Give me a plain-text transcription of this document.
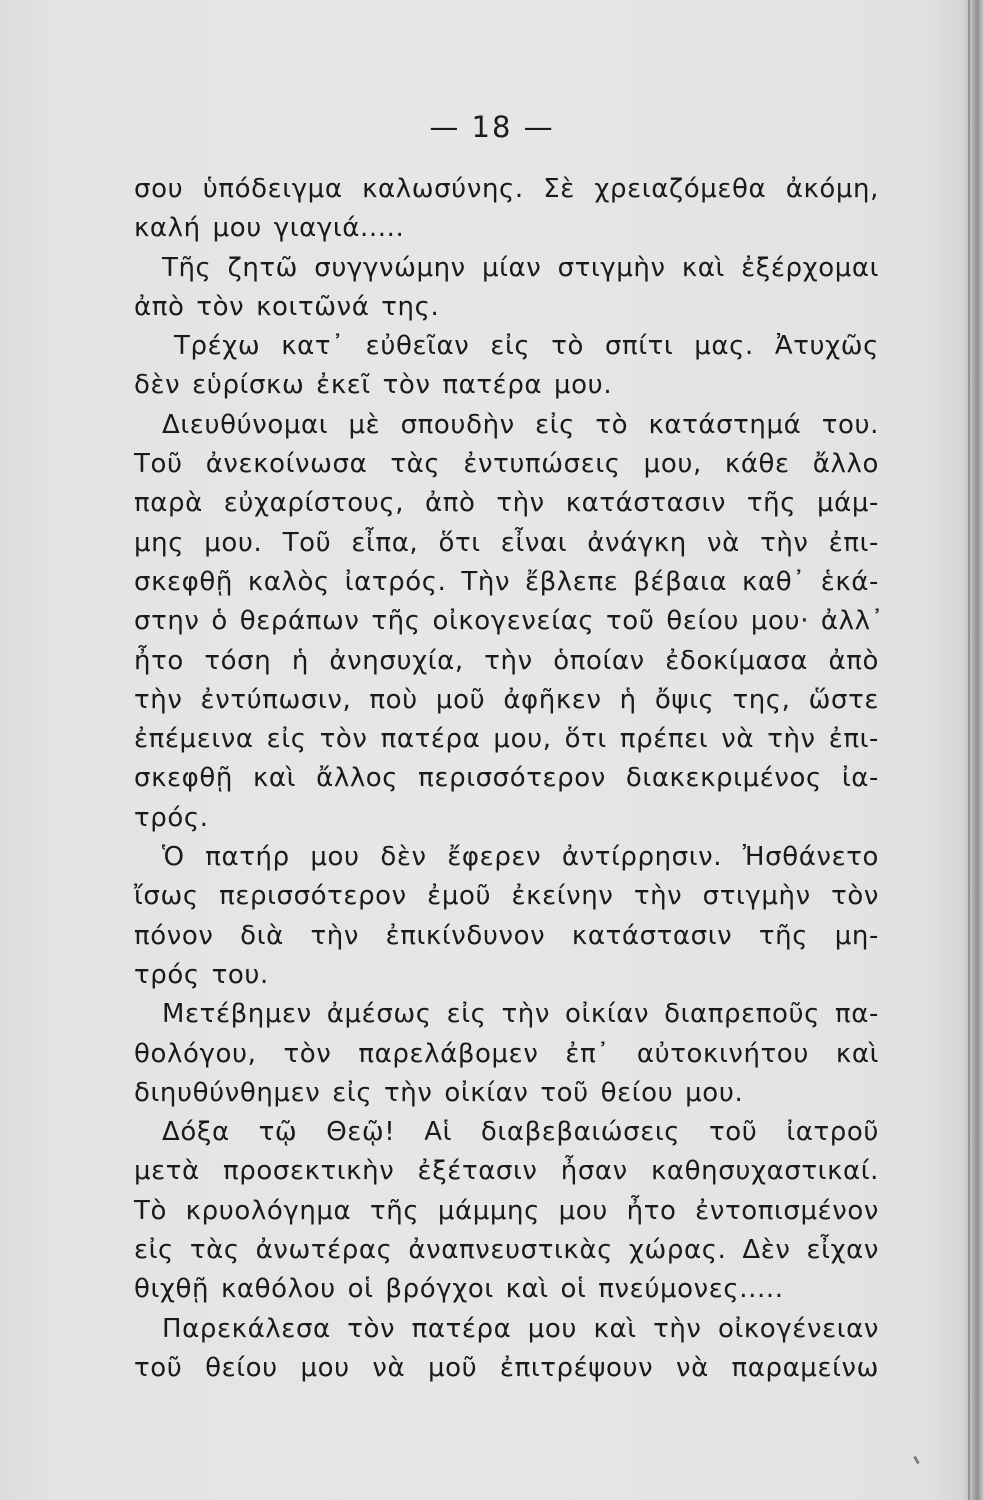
— 18 —
σου ὑπόδειγμα καλωσύνης. Σὲ χρειαζόμεθα ἀκόμη,
καλή μου γιαγιά.....
Τῆς ζητῶ συγγνώμην μίαν στιγμὴν καὶ ἐξέρχομαι
ἀπὸ τὸν κοιτῶνά της.
Τρέχω κατ᾿ εὐθεῖαν εἰς τὸ σπίτι μας. Ἀτυχῶς
δὲν εὑρίσκω ἐκεῖ τὸν πατέρα μου.
Διευθύνομαι μὲ σπουδὴν εἰς τὸ κατάστημά του.
Τοῦ ἀνεκοίνωσα τὰς ἐντυπώσεις μου, κάθε ἄλλο
παρὰ εὐχαρίστους, ἀπὸ τὴν κατάστασιν τῆς μάμ-
μης μου. Τοῦ εἶπα, ὅτι εἶναι ἀνάγκη νὰ τὴν ἐπι-
σκεφθῇ καλὸς ἰατρός. Τὴν ἔβλεπε βέβαια καθ᾿ ἑκά-
στην ὁ θεράπων τῆς οἰκογενείας τοῦ θείου μου· ἀλλ᾿
ἦτο τόση ἡ ἀνησυχία, τὴν ὁποίαν ἐδοκίμασα ἀπὸ
τὴν ἐντύπωσιν, ποὺ μοῦ ἀφῆκεν ἡ ὄψις της, ὥστε
ἐπέμεινα εἰς τὸν πατέρα μου, ὅτι πρέπει νὰ τὴν ἐπι-
σκεφθῇ καὶ ἄλλος περισσότερον διακεκριμένος ἰα-
τρός.
Ὁ πατήρ μου δὲν ἔφερεν ἀντίρρησιν. Ἠσθάνετο
ἴσως περισσότερον ἐμοῦ ἐκείνην τὴν στιγμὴν τὸν
πόνον διὰ τὴν ἐπικίνδυνον κατάστασιν τῆς μη-
τρός του.
Μετέβημεν ἀμέσως εἰς τὴν οἰκίαν διαπρεποῦς πα-
θολόγου, τὸν παρελάβομεν ἐπ᾿ αὐτοκινήτου καὶ
διηυθύνθημεν εἰς τὴν οἰκίαν τοῦ θείου μου.
Δόξα τῷ Θεῷ! Αἱ διαβεβαιώσεις τοῦ ἰατροῦ
μετὰ προσεκτικὴν ἐξέτασιν ἦσαν καθησυχαστικαί.
Τὸ κρυολόγημα τῆς μάμμης μου ἦτο ἐντοπισμένον
εἰς τὰς ἀνωτέρας ἀναπνευστικὰς χώρας. Δὲν εἶχαν
θιχθῇ καθόλου οἱ βρόγχοι καὶ οἱ πνεύμονες.....
Παρεκάλεσα τὸν πατέρα μου καὶ τὴν οἰκογένειαν
τοῦ θείου μου νὰ μοῦ ἐπιτρέψουν νὰ παραμείνω
